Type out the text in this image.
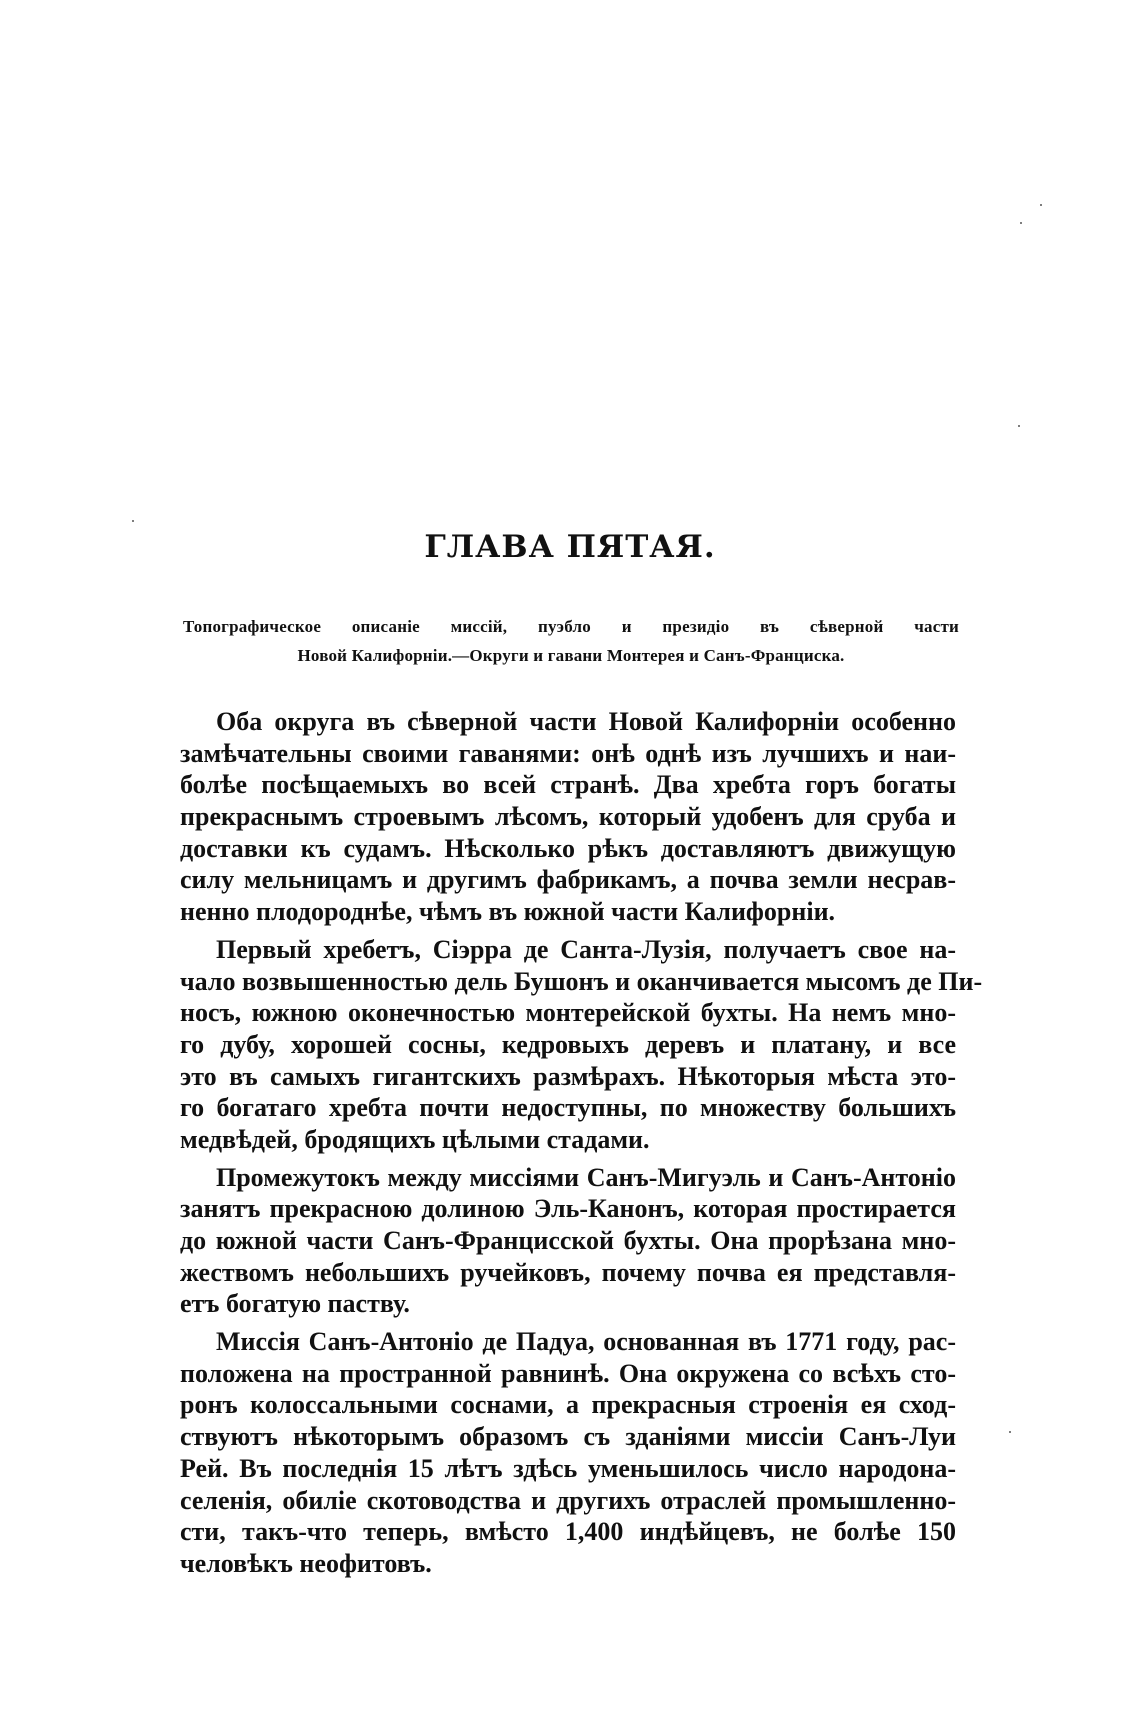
ГЛАВА ПЯТАЯ.
Топографическое описаніе миссій, пуэбло и президіо въ сѣверной части
Новой Калифорніи.—Округи и гавани Монтерея и Санъ-Франциска.

Оба округа въ сѣверной части Новой Калифорніи особенно
замѣчательны своими гаванями: онѣ однѣ изъ лучшихъ и наи-
болѣе посѣщаемыхъ во всей странѣ. Два хребта горъ богаты
прекраснымъ строевымъ лѣсомъ, который удобенъ для сруба и
доставки къ судамъ. Нѣсколько рѣкъ доставляютъ движущую
силу мельницамъ и другимъ фабрикамъ, а почва земли несрав-
ненно плодороднѣе, чѣмъ въ южной части Калифорніи.

Первый хребетъ, Сіэрра де Санта-Лузія, получаетъ свое на-
чало возвышенностью дель Бушонъ и оканчивается мысомъ де Пи-
носъ, южною оконечностью монтерейской бухты. На немъ мно-
го дубу, хорошей сосны, кедровыхъ деревъ и платану, и все
это въ самыхъ гигантскихъ размѣрахъ. Нѣкоторыя мѣста это-
го богатаго хребта почти недоступны, по множеству большихъ
медвѣдей, бродящихъ цѣлыми стадами.

Промежутокъ между миссіями Санъ-Мигуэль и Санъ-Антоніо
занятъ прекрасною долиною Эль-Канонъ, которая простирается
до южной части Санъ-Францисской бухты. Она прорѣзана мно-
жествомъ небольшихъ ручейковъ, почему почва ея представля-
етъ богатую паству.

Миссія Санъ-Антоніо де Падуа, основанная въ 1771 году, рас-
положена на пространной равнинѣ. Она окружена со всѣхъ сто-
ронъ колоссальными соснами, а прекрасныя строенія ея сход-
ствуютъ нѣкоторымъ образомъ съ зданіями миссіи Санъ-Луи
Рей. Въ последнія 15 лѣтъ здѣсь уменьшилось число народона-
селенія, обиліе скотоводства и другихъ отраслей промышленно-
сти, такъ-что теперь, вмѣсто 1,400 индѣйцевъ, не болѣе 150
человѣкъ неофитовъ.
